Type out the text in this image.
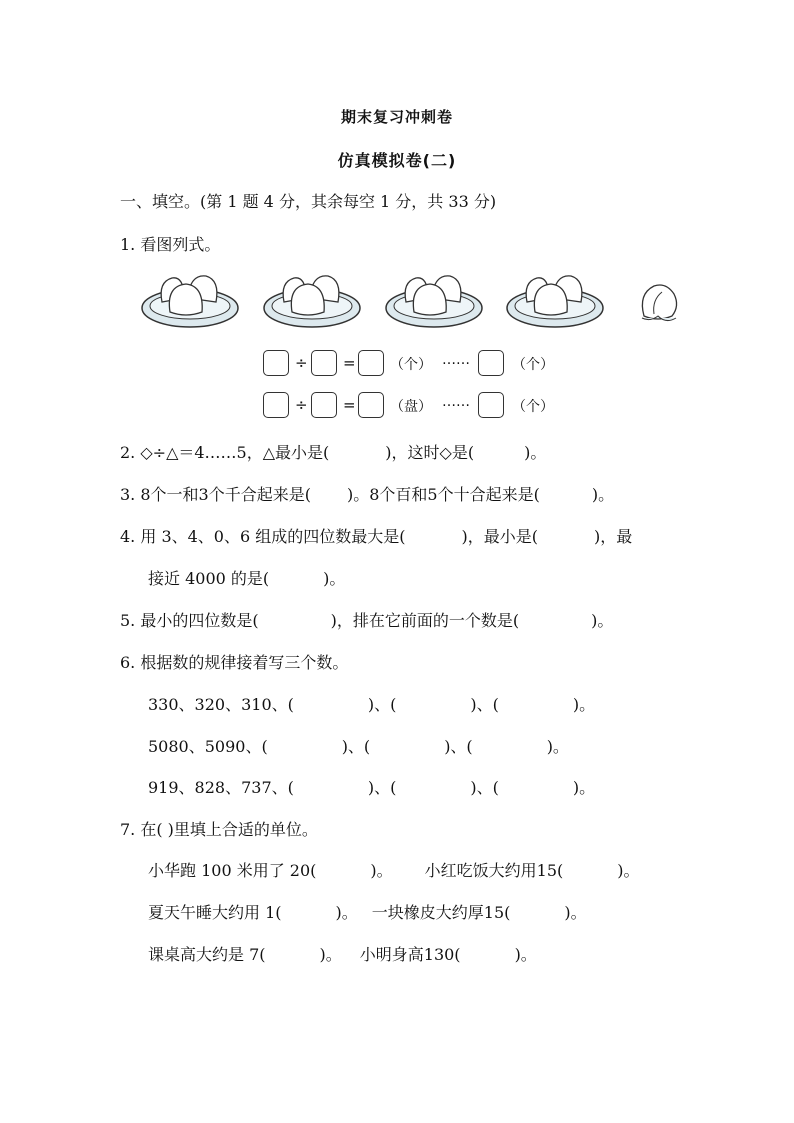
期末复习冲刺卷
仿真模拟卷(二)
一、填空。(第 1 题 4 分，其余每空 1 分，共 33 分)
1. 看图列式。
÷ = （个） ……	（个）
÷ = （盘） ……	（个）
2. ◇÷△＝4……5，△最小是(	)，这时◇是(	)。
3. 8个一和3个千合起来是( )。8个百和5个十合起来是(	)。
4. 用 3、4、0、6 组成的四位数最大是(	)，最小是(	)，最
接近 4000 的是(	)。
5. 最小的四位数是(	)，排在它前面的一个数是(	)。
6. 根据数的规律接着写三个数。
330、320、310、(	)、(	)、(	)。
5080、5090、(	)、(	)、(	)。
919、828、737、(	)、(	)、(	)。
7. 在( )里填上合适的单位。
小华跑 100 米用了 20(	)。 小红吃饭大约用15(	)。
夏天午睡大约用 1(	)。 一块橡皮大约厚15(	)。
课桌高大约是 7(	)。 小明身高130(	)。
